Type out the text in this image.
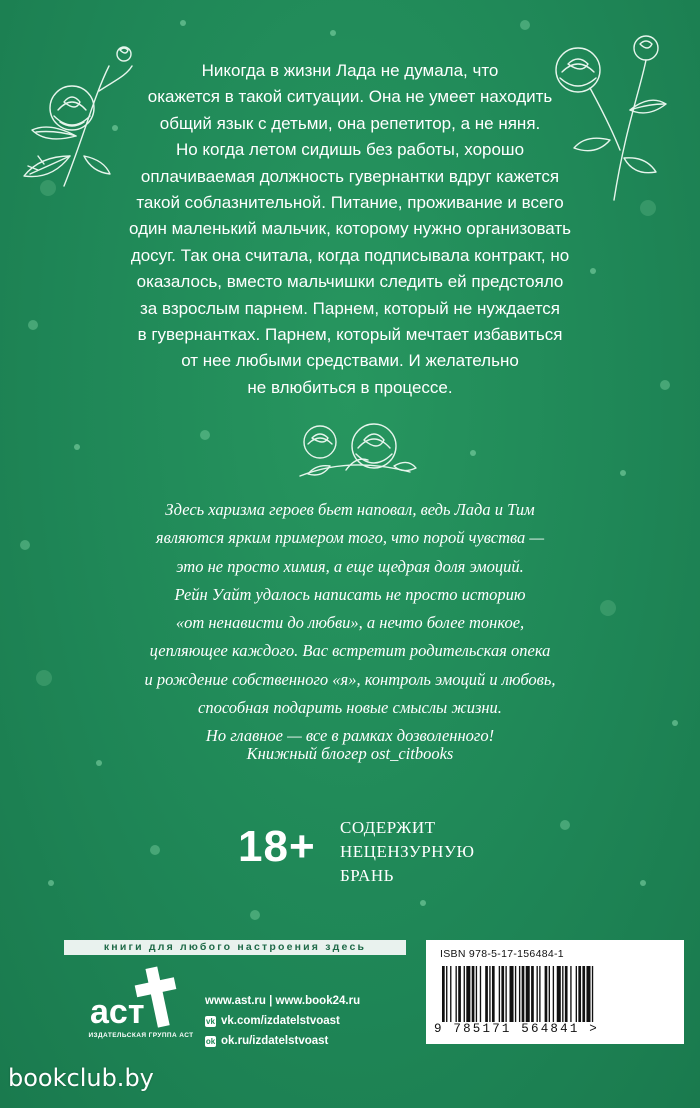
Никогда в жизни Лада не думала, что
окажется в такой ситуации. Она не умеет находить
общий язык с детьми, она репетитор, а не няня.
Но когда летом сидишь без работы, хорошо
оплачиваемая должность гувернантки вдруг кажется
такой соблазнительной. Питание, проживание и всего
один маленький мальчик, которому нужно организовать
досуг. Так она считала, когда подписывала контракт, но
оказалось, вместо мальчишки следить ей предстояло
за взрослым парнем. Парнем, который не нуждается
в гувернантках. Парнем, который мечтает избавиться
от нее любыми средствами. И желательно
не влюбиться в процессе.
Здесь харизма героев бьет наповал, ведь Лада и Тим
являются ярким примером того, что порой чувства —
это не просто химия, а еще щедрая доля эмоций.
Рейн Уайт удалось написать не просто историю
«от ненависти до любви», а нечто более тонкое,
цепляющее каждого. Вас встретит родительская опека
и рождение собственного «я», контроль эмоций и любовь,
способная подарить новые смыслы жизни.
Но главное — все в рамках дозволенного!
Книжный блогер ost_citbooks
18+ СОДЕРЖИТ
НЕЦЕНЗУРНУЮ
БРАНЬ
книги для любого настроения здесь
аст
ИЗДАТЕЛЬСКАЯ ГРУППА АСТ
www.ast.ru | www.book24.ru
vk vk.com/izdatelstvoast
ok ok.ru/izdatelstvoast
ISBN 978-5-17-156484-1
9 785171 564841 >
bookclub.by
